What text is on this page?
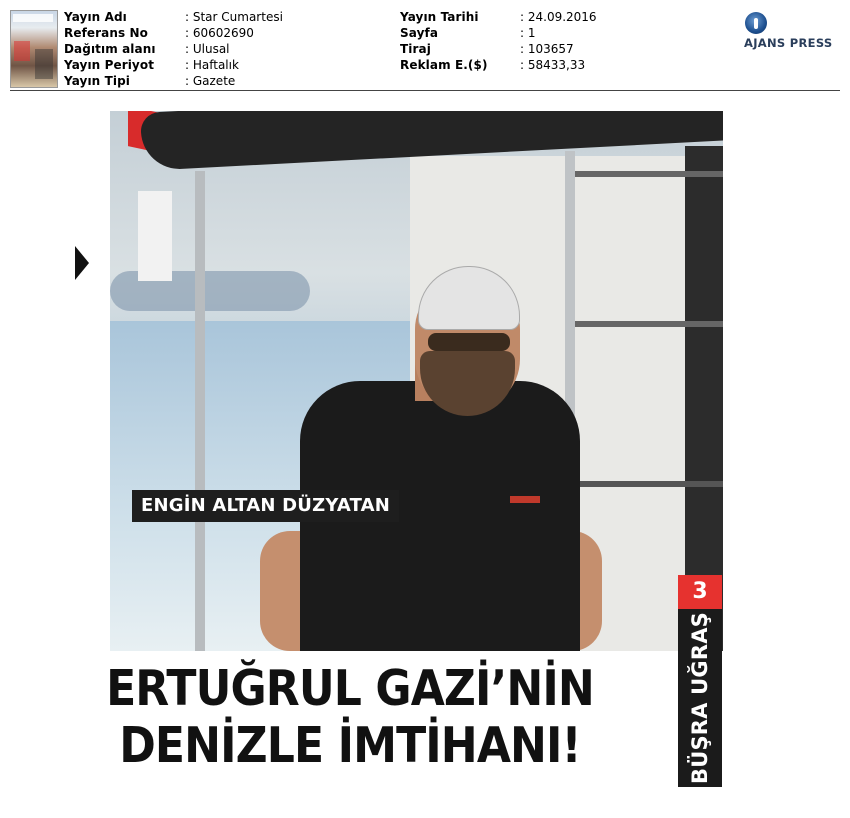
Yayın Adı	: Star Cumartesi
Referans No	: 60602690
Dağıtım alanı : Ulusal
Yayın Periyot	: Haftalık
Yayın Tipi	: Gazete
Yayın Tarihi	: 24.09.2016
Sayfa	: 1
Tiraj	: 103657
Reklam E.($)	: 58433,33
AJANS PRESS
ENGİN ALTAN DÜZYATAN
ERTUĞRUL GAZİ’NİN
DENİZLE İMTİHANI!
3
BÜŞRA UĞRAŞ
